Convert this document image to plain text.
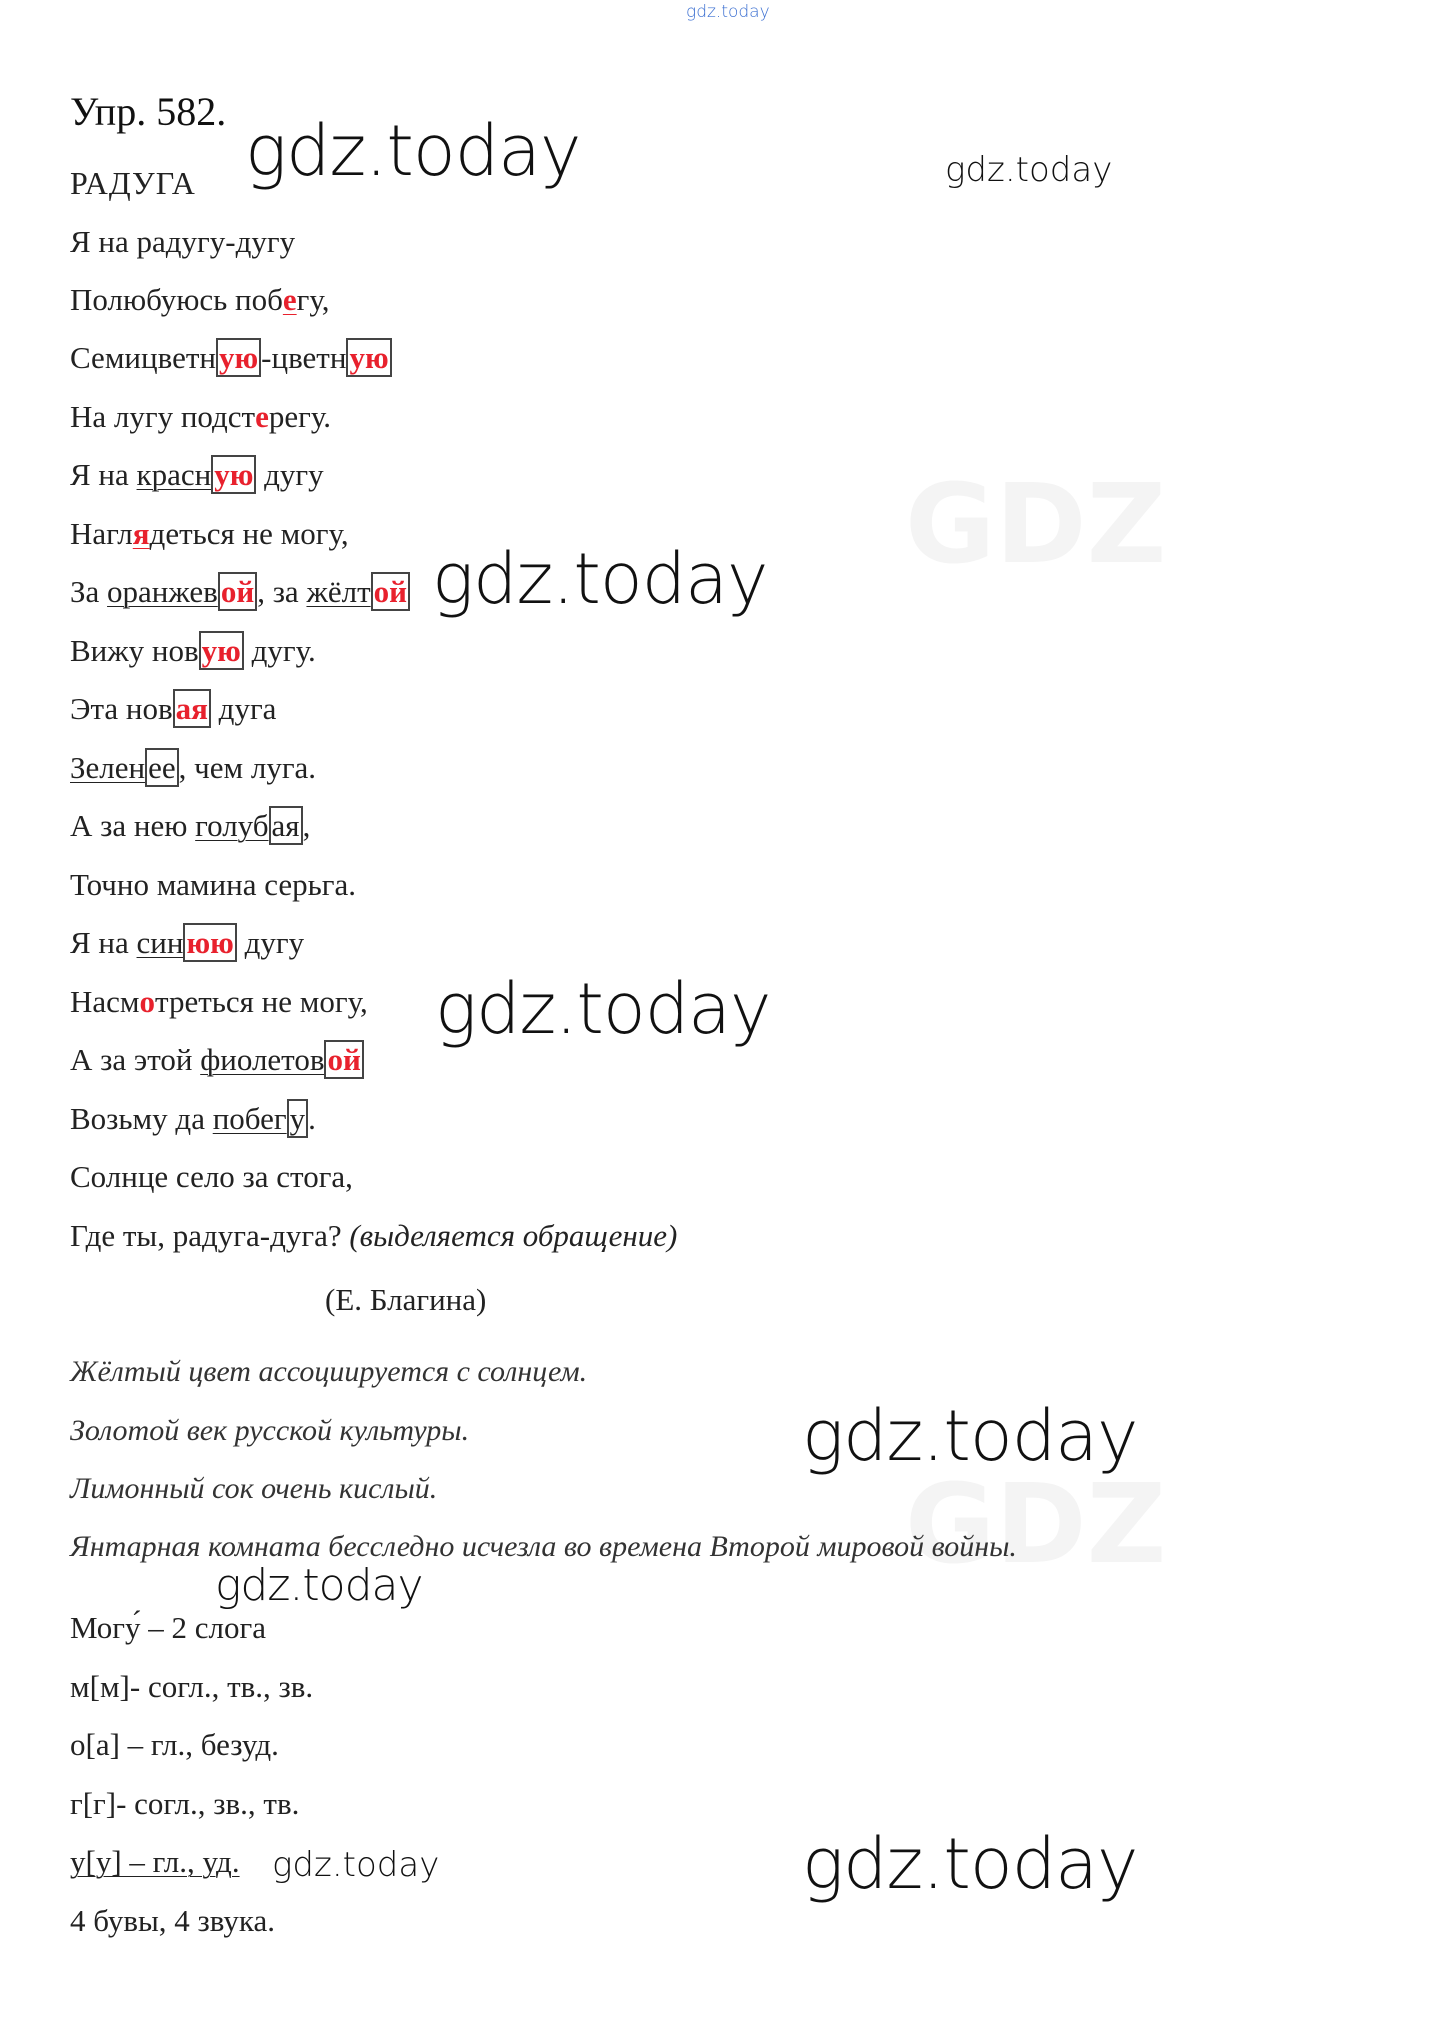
gdz.today
GDZ
GDZ
Упр. 582.
РАДУГА
Я на радугу-дугу
Полюбуюсь побегу,
Семицветную-цветную
На лугу подстерегу.
Я на красную дугу
Наглядеться не могу,
За оранжевой, за жёлтой
Вижу новую дугу.
Эта новая дуга
Зеленее, чем луга.
А за нею голубая,
Точно мамина серьга.
Я на синюю дугу
Насмотреться не могу,
А за этой фиолетовой
Возьму да побегу.
Солнце село за стога,
Где ты, радуга-дуга? (выделяется обращение)
(Е. Благина)
Жёлтый цвет ассоциируется с солнцем.
Золотой век русской культуры.
Лимонный сок очень кислый.
Янтарная комната бесследно исчезла во времена Второй мировой войны.
Могу́ – 2 слога
м[м]- согл., тв., зв.
о[а] – гл., безуд.
г[г]- согл., зв., тв.
у[у] – гл., уд.
4 бувы, 4 звука.
gdz.today	gdz.today
gdz.today
gdz.today
gdz.today
gdz.today
gdz.today	gdz.today
